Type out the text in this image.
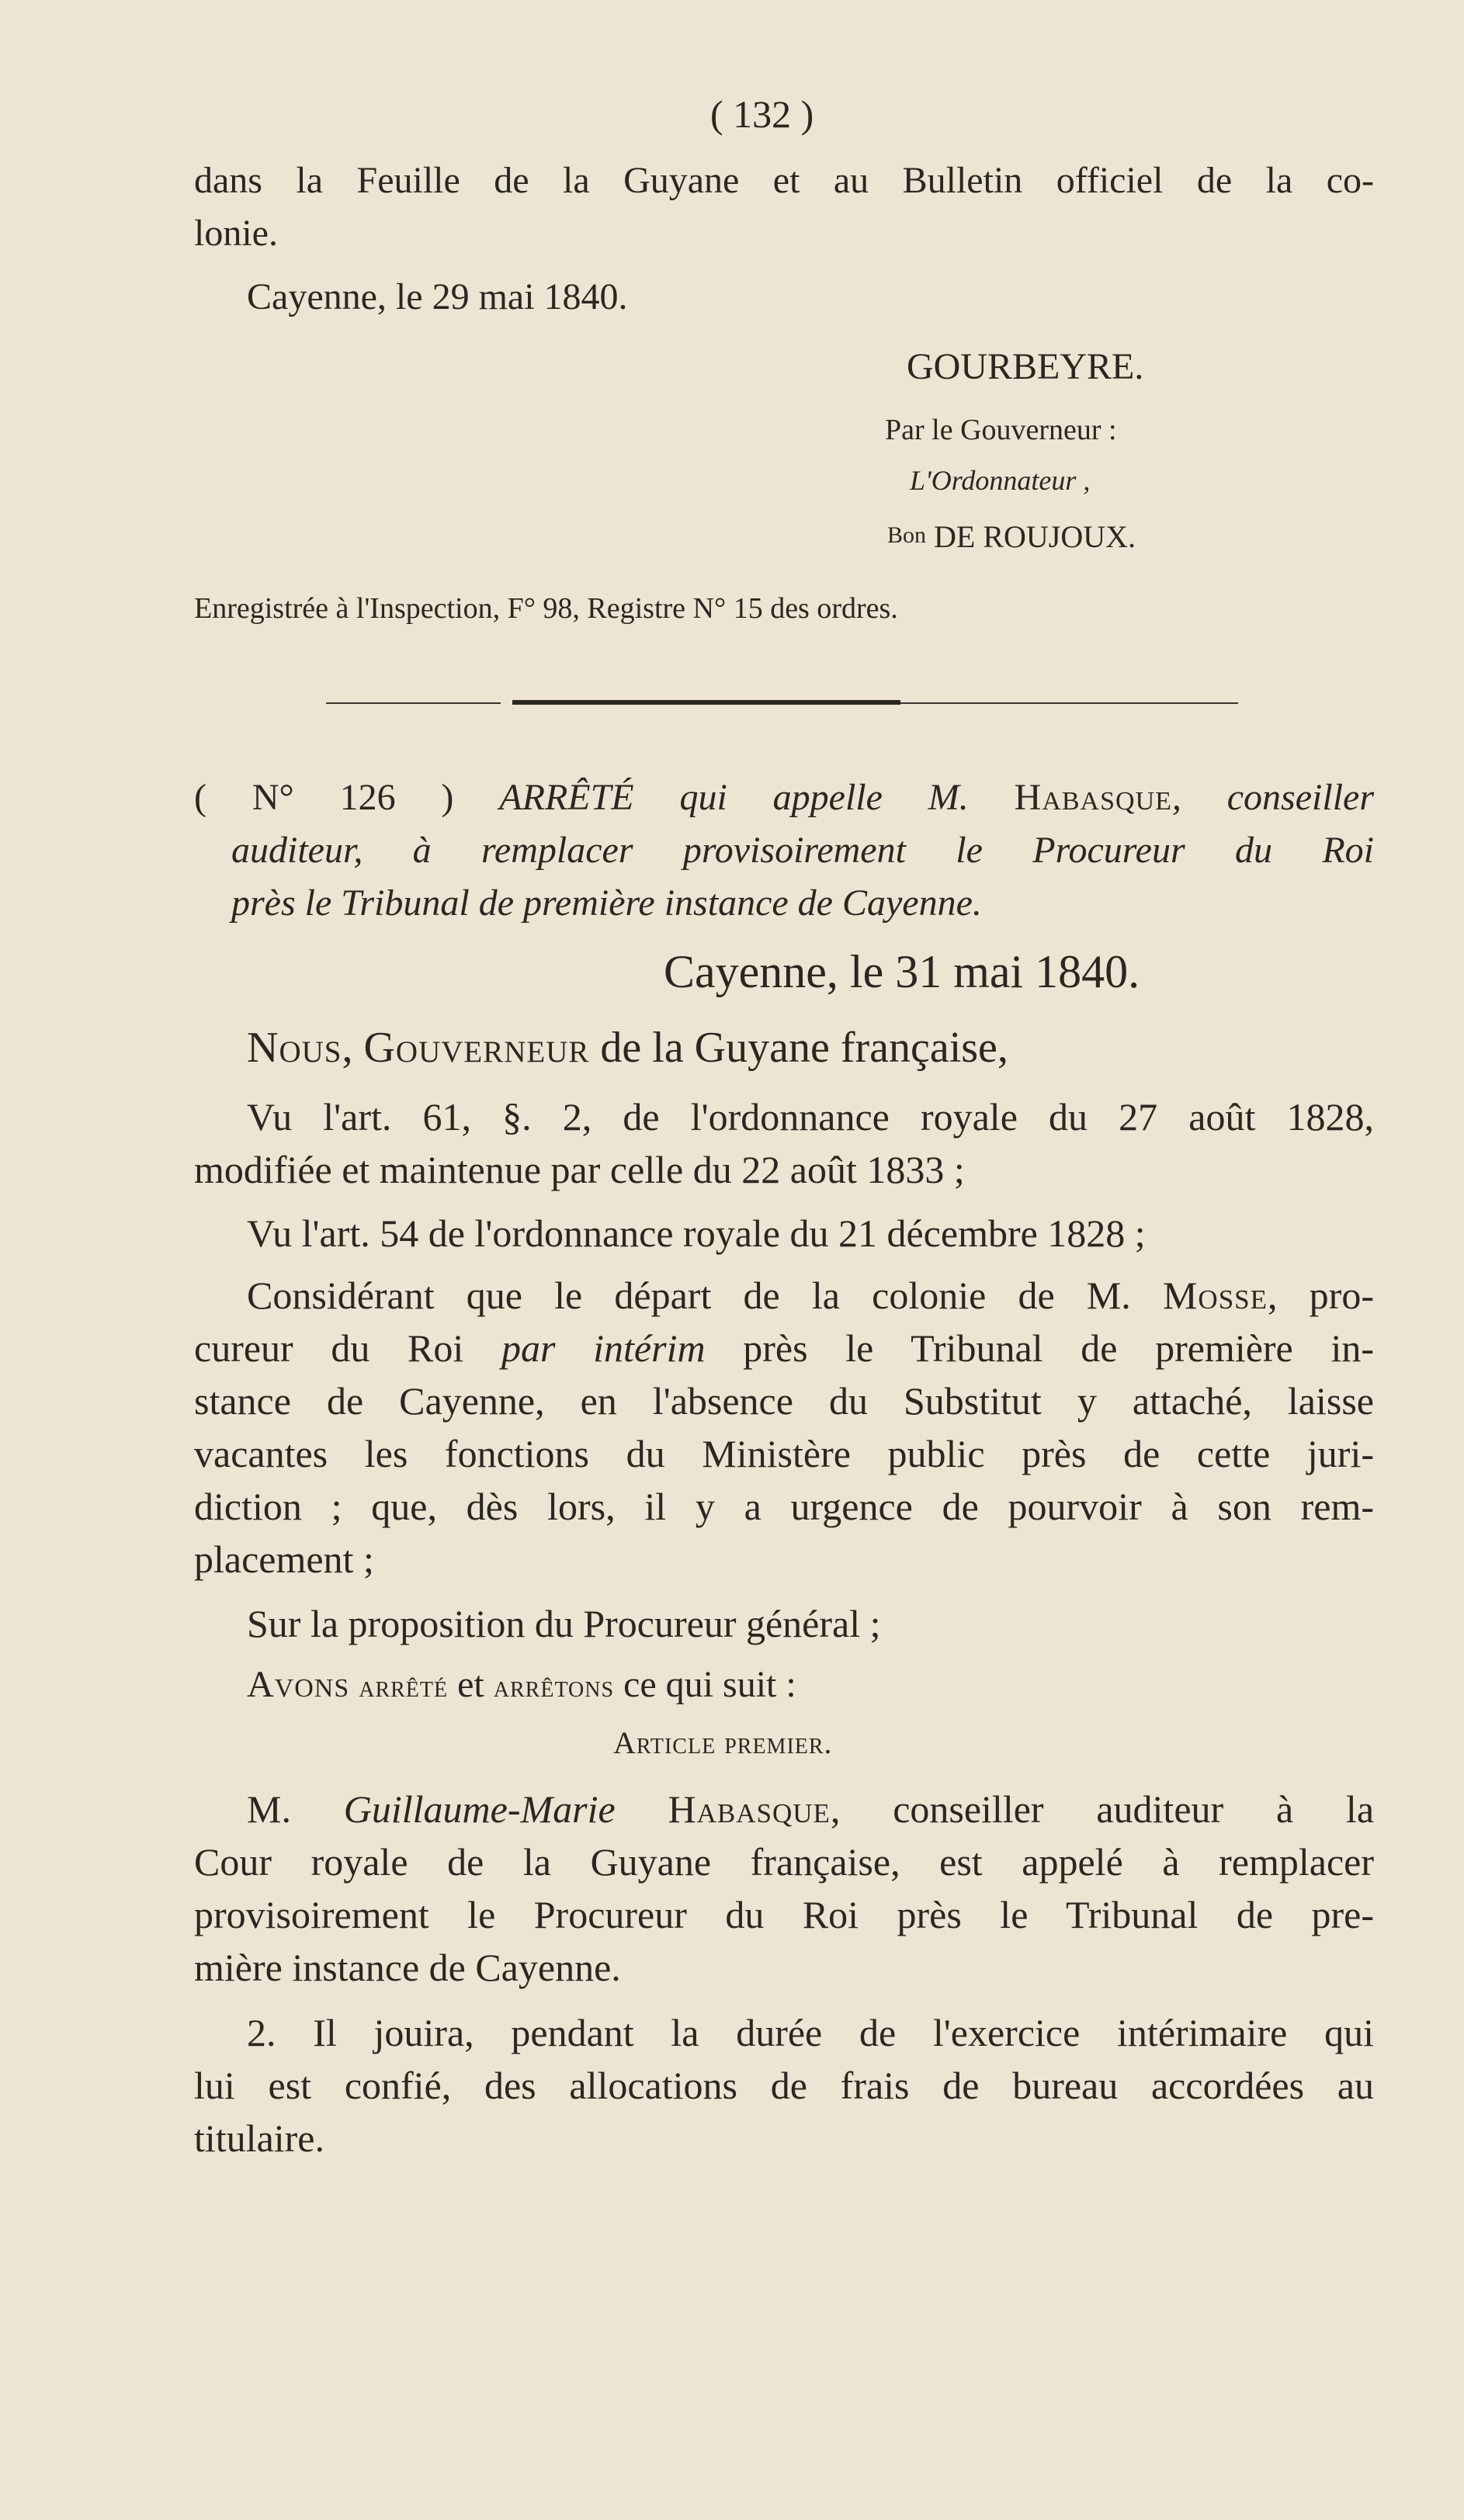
( 132 )
dans la Feuille de la Guyane et au Bulletin officiel de la co-
lonie.
Cayenne, le 29 mai 1840.
GOURBEYRE.
Par le Gouverneur :
L'Ordonnateur ,
Bon DE ROUJOUX.
Enregistrée à l'Inspection, F° 98, Registre N° 15 des ordres.
( N° 126 ) ARRÊTÉ qui appelle M. Habasque, conseiller
auditeur, à remplacer provisoirement le Procureur du Roi
près le Tribunal de première instance de Cayenne.
Cayenne, le 31 mai 1840.
Nous, Gouverneur de la Guyane française,
Vu l'art. 61, §. 2, de l'ordonnance royale du 27 août 1828,
modifiée et maintenue par celle du 22 août 1833 ;
Vu l'art. 54 de l'ordonnance royale du 21 décembre 1828 ;
Considérant que le départ de la colonie de M. Mosse, pro-
cureur du Roi par intérim près le Tribunal de première in-
stance de Cayenne, en l'absence du Substitut y attaché, laisse
vacantes les fonctions du Ministère public près de cette juri-
diction ; que, dès lors, il y a urgence de pourvoir à son rem-
placement ;
Sur la proposition du Procureur général ;
Avons arrêté et arrêtons ce qui suit :
Article premier.
M. Guillaume-Marie Habasque, conseiller auditeur à la
Cour royale de la Guyane française, est appelé à remplacer
provisoirement le Procureur du Roi près le Tribunal de pre-
mière instance de Cayenne.
2. Il jouira, pendant la durée de l'exercice intérimaire qui
lui est confié, des allocations de frais de bureau accordées au
titulaire.
